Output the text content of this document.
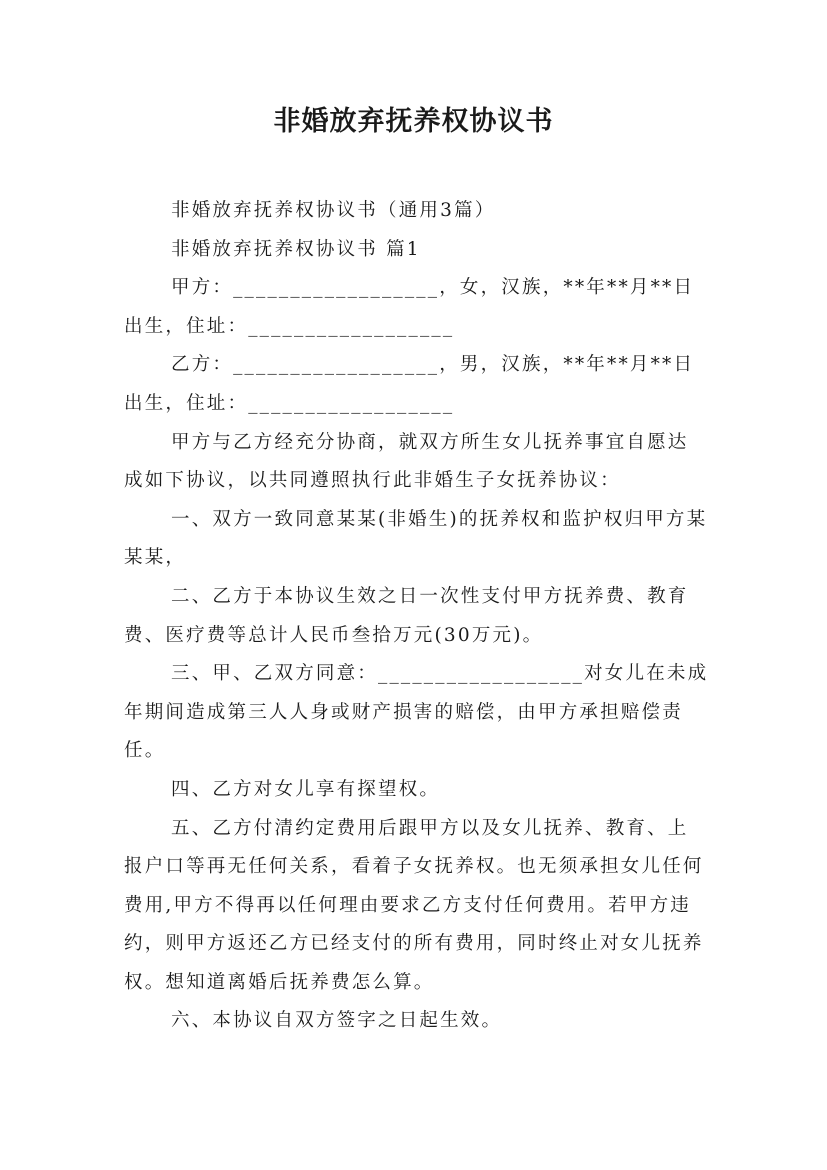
非婚放弃抚养权协议书

非婚放弃抚养权协议书（通用3篇）

非婚放弃抚养权协议书 篇1

甲方：__________________，女，汉族，**年**月**日出生，住址：__________________

乙方：__________________，男，汉族，**年**月**日出生，住址：__________________

甲方与乙方经充分协商，就双方所生女儿抚养事宜自愿达成如下协议，以共同遵照执行此非婚生子女抚养协议：

一、双方一致同意某某(非婚生)的抚养权和监护权归甲方某某某，

二、乙方于本协议生效之日一次性支付甲方抚养费、教育费、医疗费等总计人民币叁拾万元(30万元)。

三、甲、乙双方同意：__________________对女儿在未成年期间造成第三人人身或财产损害的赔偿，由甲方承担赔偿责任。

四、乙方对女儿享有探望权。

五、乙方付清约定费用后跟甲方以及女儿抚养、教育、上报户口等再无任何关系，看着子女抚养权。也无须承担女儿任何费用,甲方不得再以任何理由要求乙方支付任何费用。若甲方违约，则甲方返还乙方已经支付的所有费用，同时终止对女儿抚养权。想知道离婚后抚养费怎么算。

六、本协议自双方签字之日起生效。
